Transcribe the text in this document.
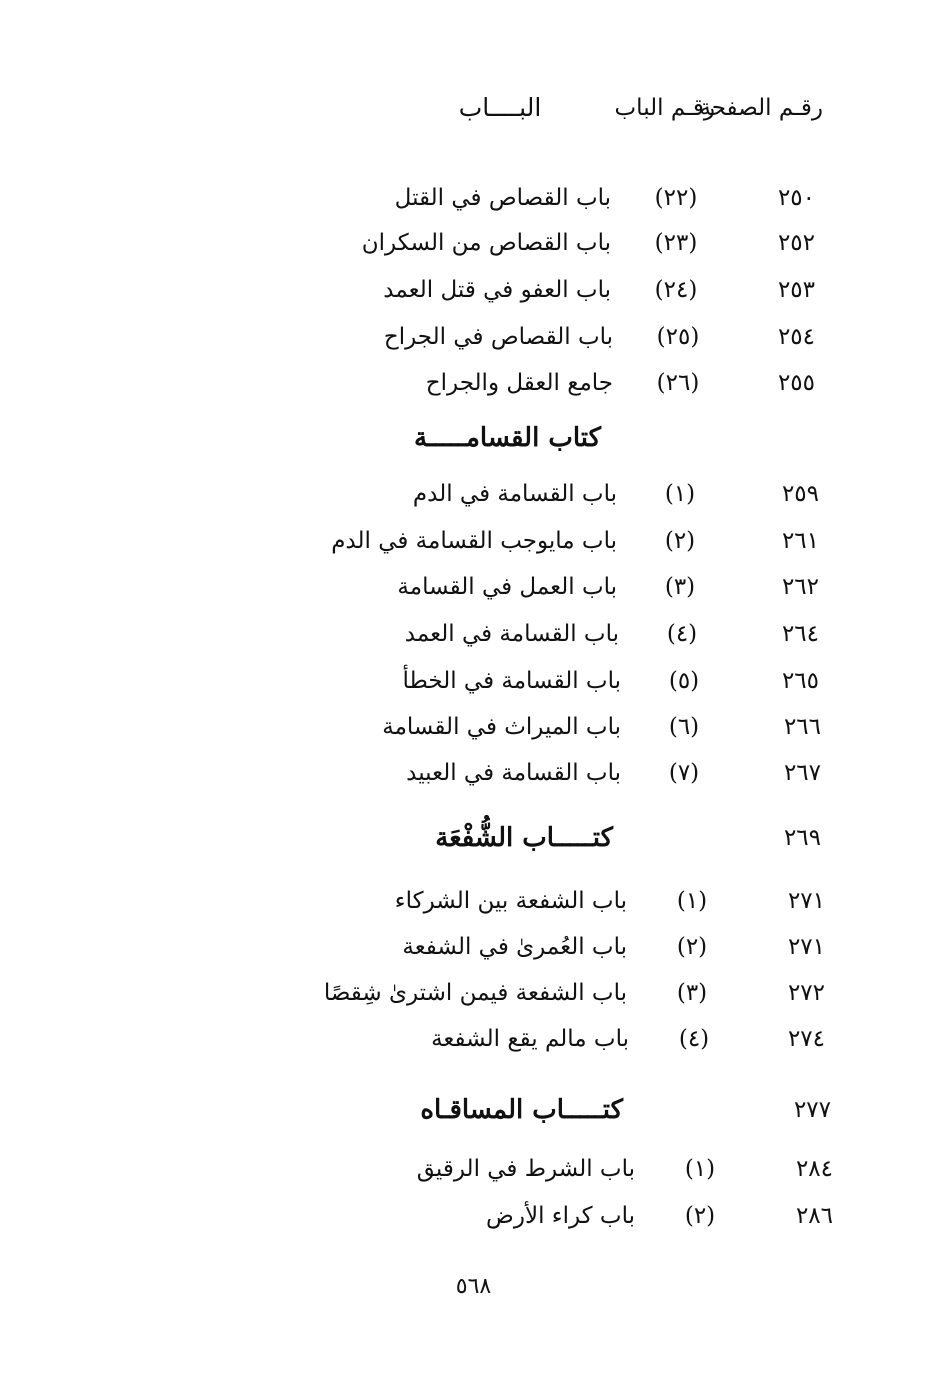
رقـم الصفحة
رقـم الباب
البــــاب
٢٥٠
(٢٢)
باب القصاص في القتل
٢٥٢
(٢٣)
باب القصاص من السكران
٢٥٣
(٢٤)
باب العفو في قتل العمد
٢٥٤
(٢٥)
باب القصاص في الجراح
٢٥٥
(٢٦)
جامع العقل والجراح
كتاب القسامـــــة
٢٥٩
(١)
باب القسامة في الدم
٢٦١
(٢)
باب مايوجب القسامة في الدم
٢٦٢
(٣)
باب العمل في القسامة
٢٦٤
(٤)
باب القسامة في العمد
٢٦٥
(٥)
باب القسامة في الخطأ
٢٦٦
(٦)
باب الميراث في القسامة
٢٦٧
(٧)
باب القسامة في العبيد
٢٦٩
كتـــــاب الشُّفْعَة
٢٧١
(١)
باب الشفعة بين الشركاء
٢٧١
(٢)
باب العُمرىٰ في الشفعة
٢٧٢
(٣)
باب الشفعة فيمن اشترىٰ شِقصًا
٢٧٤
(٤)
باب مالم يقع الشفعة
٢٧٧
كتـــــاب المساقـاه
٢٨٤
(١)
باب الشرط في الرقيق
٢٨٦
(٢)
باب كراء الأرض
٥٦٨
